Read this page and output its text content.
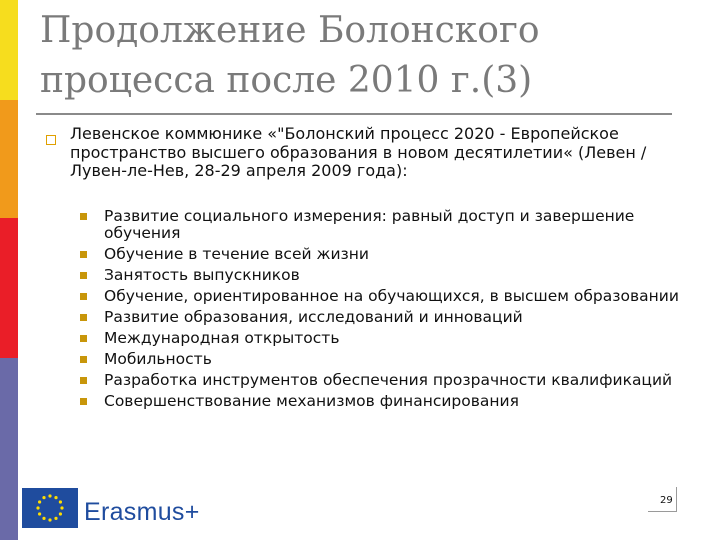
Продолжение Болонского процесса после 2010 г.(3)
Левенское коммюнике «"Болонский процесс 2020 - Европейское пространство высшего образования в новом десятилетии« (Левен / Лувен-ле-Нев, 28-29 апреля 2009 года):
Развитие социального измерения: равный доступ и завершение обучения
Обучение в течение всей жизни
Занятость выпускников
Обучение, ориентированное на обучающихся, в высшем образовании
Развитие образования, исследований и инноваций
Международная открытость
Мобильность
Разработка инструментов обеспечения прозрачности квалификаций
Совершенствование механизмов финансирования
Erasmus+	29
